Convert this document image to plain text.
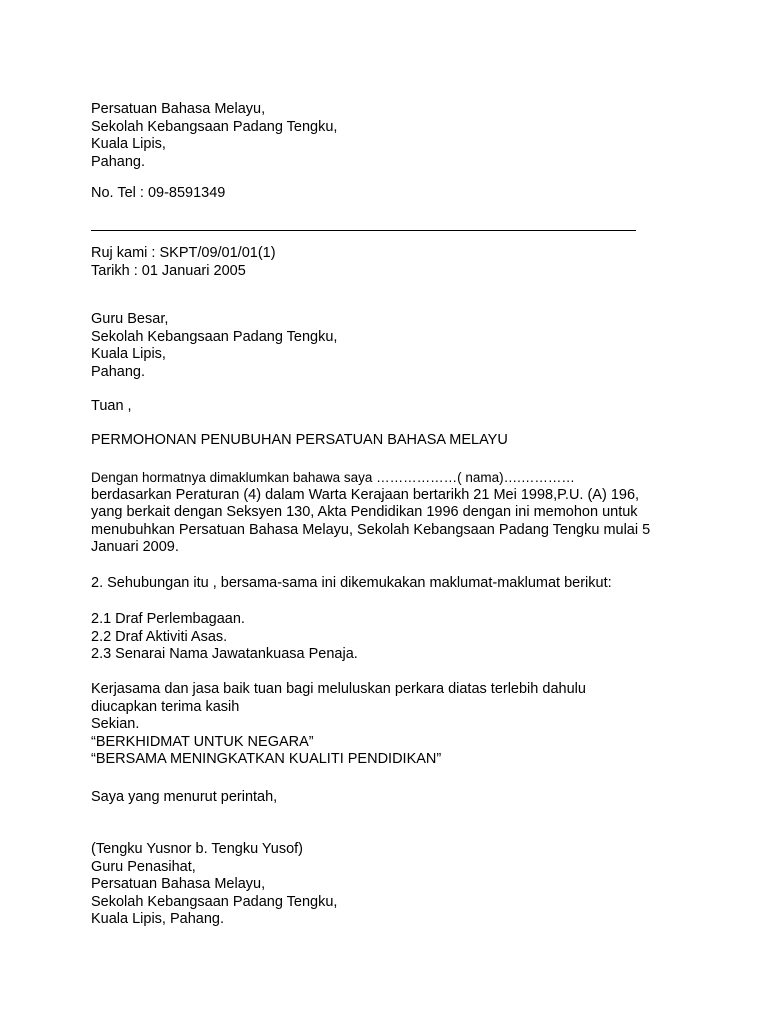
Persatuan Bahasa Melayu,
Sekolah Kebangsaan Padang Tengku,
Kuala Lipis,
Pahang.
No. Tel : 09-8591349
Ruj kami : SKPT/09/01/01(1)
Tarikh : 01 Januari 2005
Guru Besar,
Sekolah Kebangsaan Padang Tengku,
Kuala Lipis,
Pahang.
Tuan ,
PERMOHONAN PENUBUHAN PERSATUAN BAHASA MELAYU
Dengan hormatnya dimaklumkan bahawa saya ………………( nama)….…………
berdasarkan Peraturan (4) dalam Warta Kerajaan bertarikh 21 Mei 1998,P.U. (A) 196,
yang berkait dengan Seksyen 130, Akta Pendidikan 1996 dengan ini memohon untuk
menubuhkan Persatuan Bahasa Melayu, Sekolah Kebangsaan Padang Tengku mulai 5
Januari 2009.
2. Sehubungan itu , bersama-sama ini dikemukakan maklumat-maklumat berikut:
2.1 Draf Perlembagaan.
2.2 Draf Aktiviti Asas.
2.3 Senarai Nama Jawatankuasa Penaja.
Kerjasama dan jasa baik tuan bagi meluluskan perkara diatas terlebih dahulu
diucapkan terima kasih
Sekian.
“BERKHIDMAT UNTUK NEGARA”
“BERSAMA MENINGKATKAN KUALITI PENDIDIKAN”
Saya yang menurut perintah,
(Tengku Yusnor b. Tengku Yusof)
Guru Penasihat,
Persatuan Bahasa Melayu,
Sekolah Kebangsaan Padang Tengku,
Kuala Lipis, Pahang.
